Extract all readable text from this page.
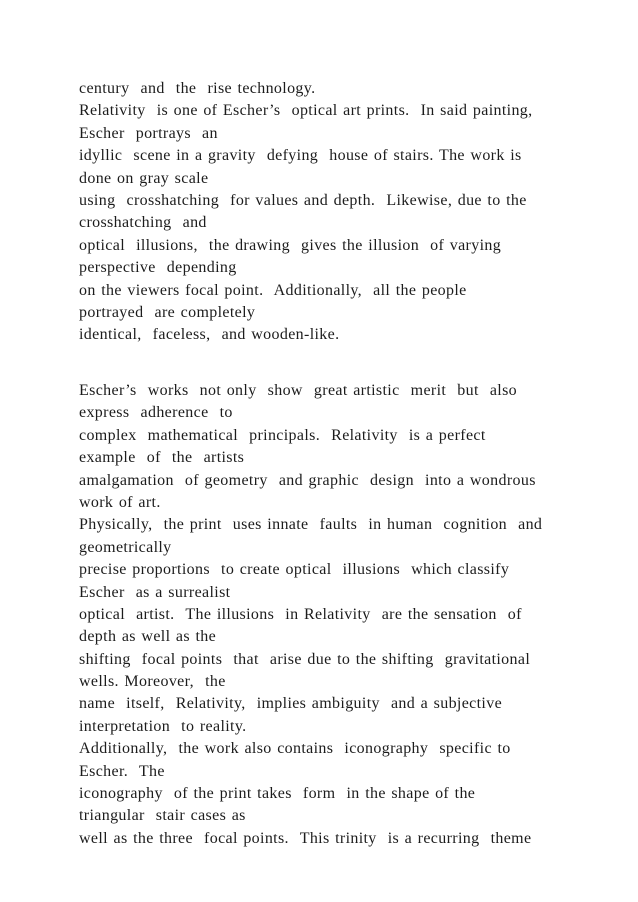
century  and  the  rise technology.
Relativity  is one of Escher’s  optical art prints.  In said painting,
Escher  portrays  an
idyllic  scene in a gravity  defying  house of stairs. The work is
done on gray scale
using  crosshatching  for values and depth.  Likewise, due to the
crosshatching  and
optical  illusions,  the drawing  gives the illusion  of varying
perspective  depending
on the viewers focal point.  Additionally,  all the people
portrayed  are completely
identical,  faceless,  and wooden-like.

Escher’s  works  not only  show  great artistic  merit  but  also
express  adherence  to
complex  mathematical  principals.  Relativity  is a perfect
example  of  the  artists
amalgamation  of geometry  and graphic  design  into a wondrous
work of art.
Physically,  the print  uses innate  faults  in human  cognition  and
geometrically
precise proportions  to create optical  illusions  which classify
Escher  as a surrealist
optical  artist.  The illusions  in Relativity  are the sensation  of
depth as well as the
shifting  focal points  that  arise due to the shifting  gravitational
wells. Moreover,  the
name  itself,  Relativity,  implies ambiguity  and a subjective
interpretation  to reality.
Additionally,  the work also contains  iconography  specific to
Escher.  The
iconography  of the print takes  form  in the shape of the
triangular  stair cases as
well as the three  focal points.  This trinity  is a recurring  theme
